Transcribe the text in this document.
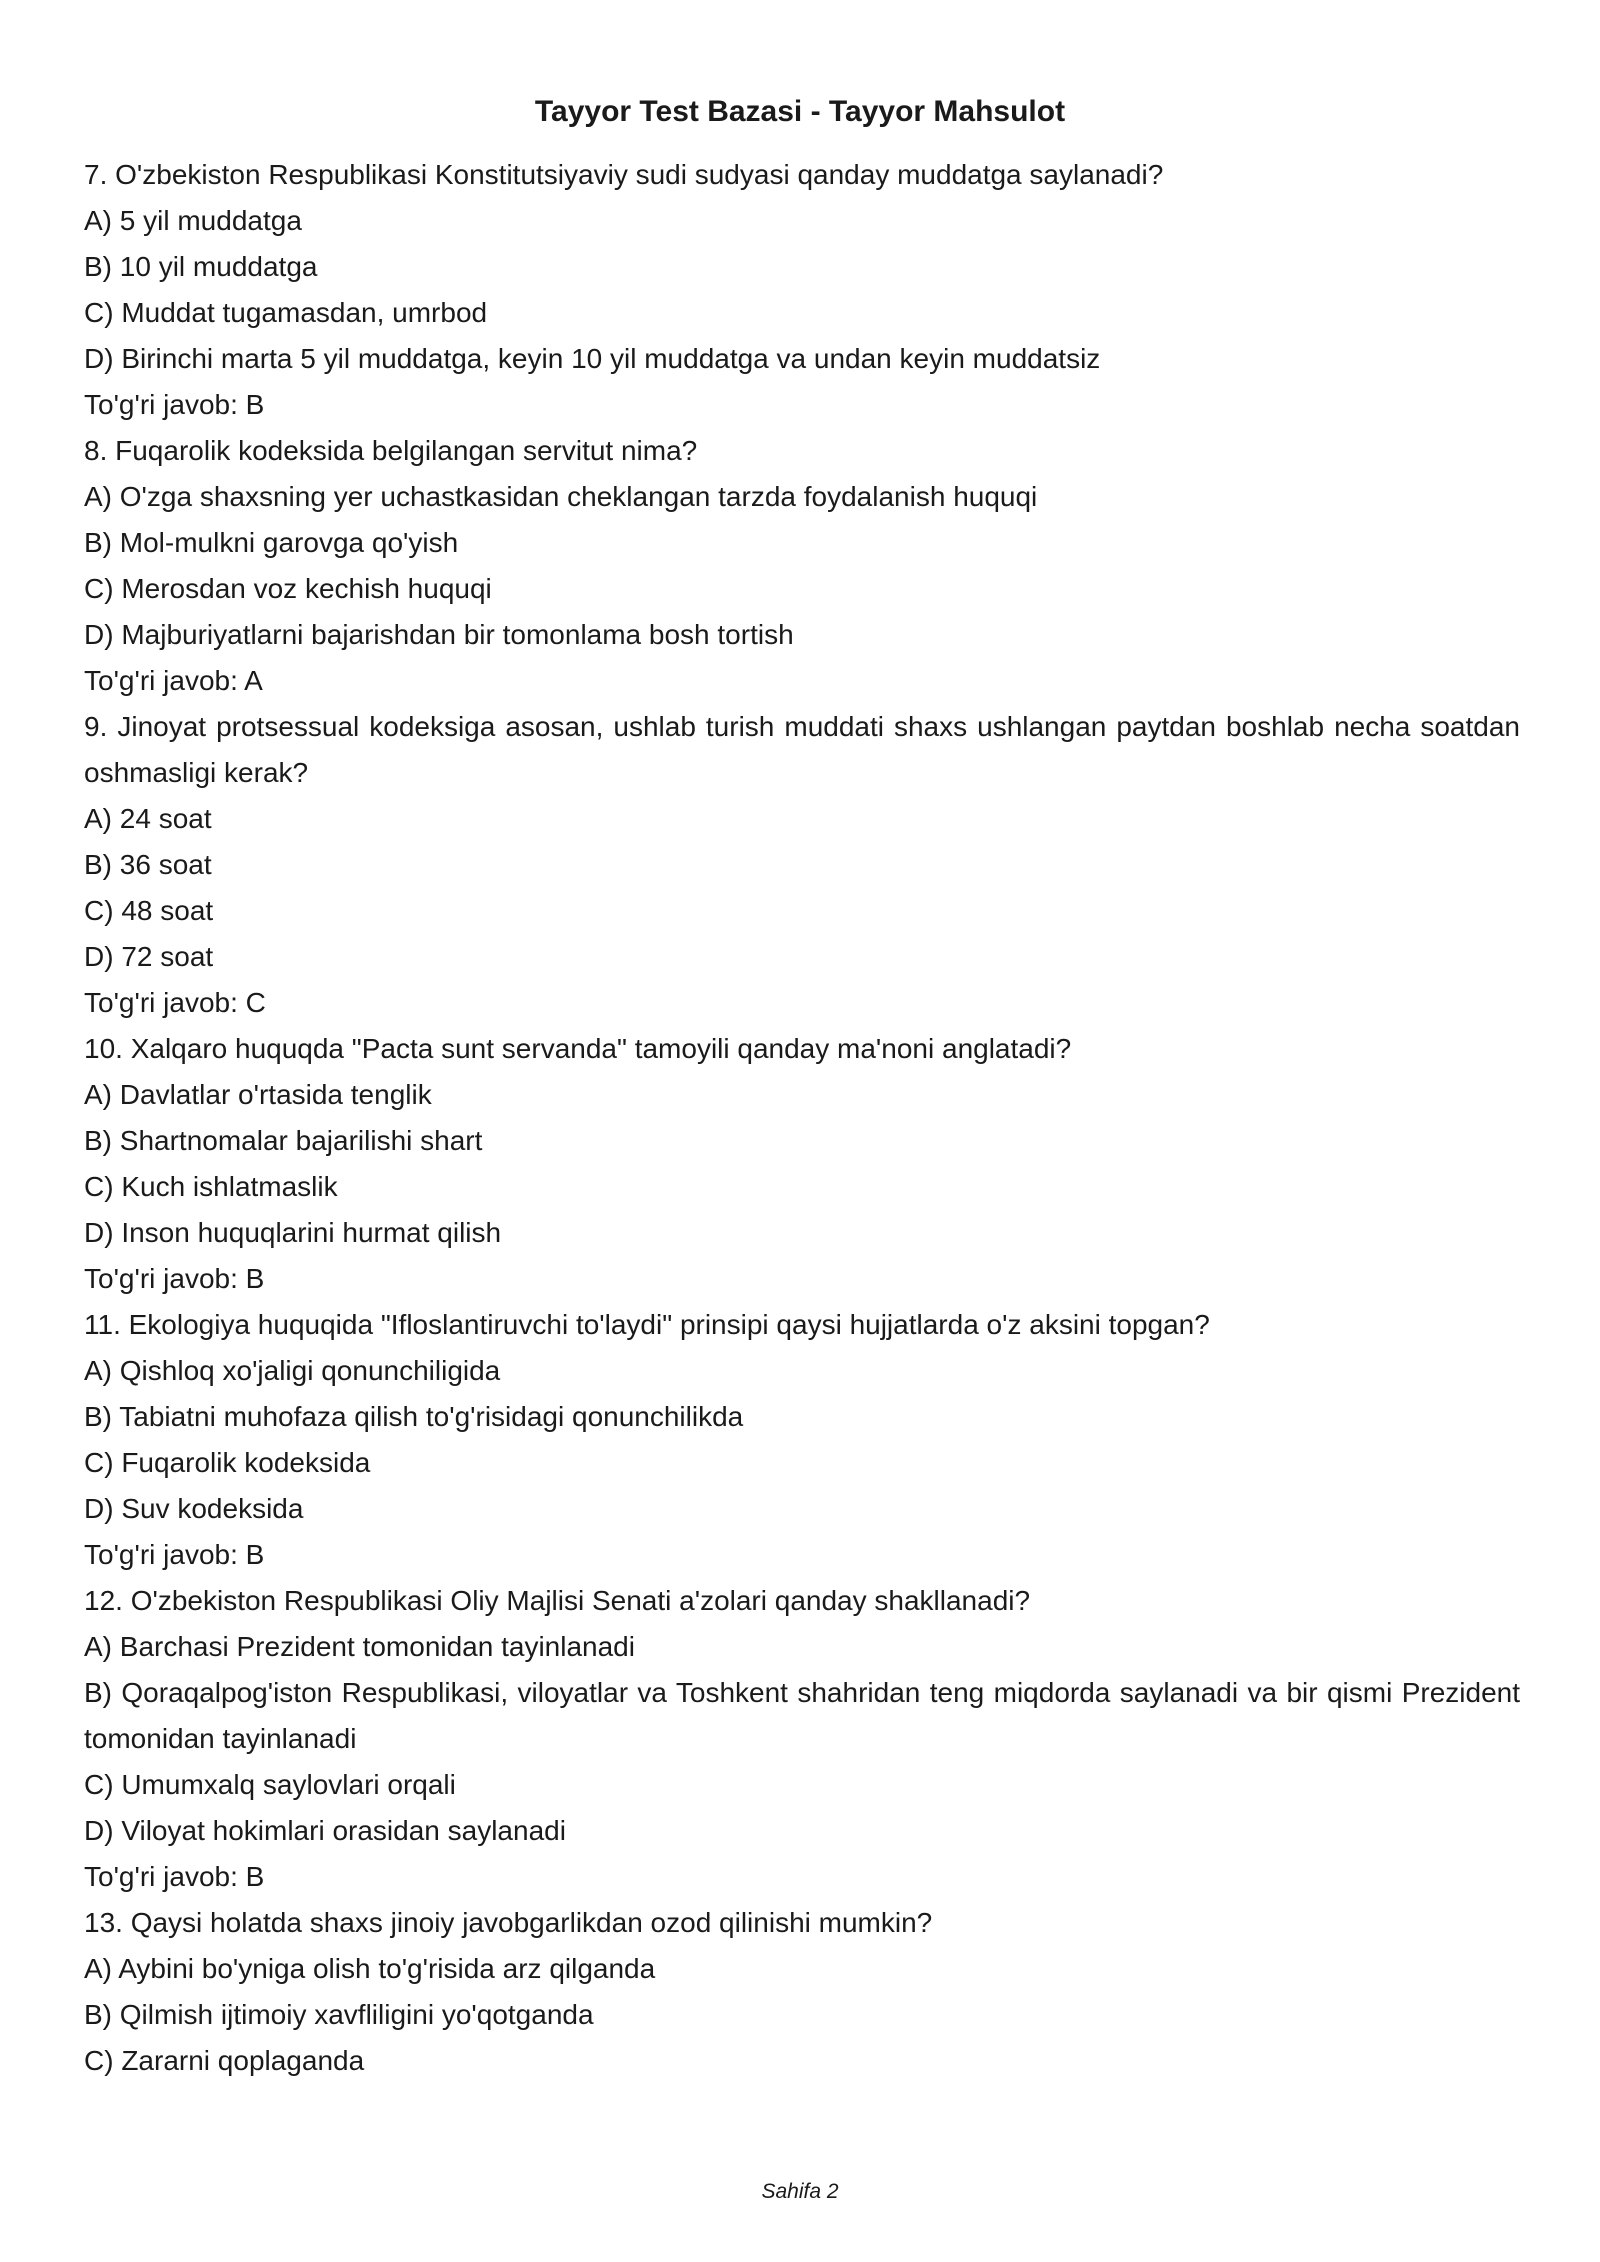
Tayyor Test Bazasi - Tayyor Mahsulot

7. O'zbekiston Respublikasi Konstitutsiyaviy sudi sudyasi qanday muddatga saylanadi?

A) 5 yil muddatga

B) 10 yil muddatga

C) Muddat tugamasdan, umrbod

D) Birinchi marta 5 yil muddatga, keyin 10 yil muddatga va undan keyin muddatsiz

To'g'ri javob: B

8. Fuqarolik kodeksida belgilangan servitut nima?

A) O'zga shaxsning yer uchastkasidan cheklangan tarzda foydalanish huquqi

B) Mol-mulkni garovga qo'yish

C) Merosdan voz kechish huquqi

D) Majburiyatlarni bajarishdan bir tomonlama bosh tortish

To'g'ri javob: A

9. Jinoyat protsessual kodeksiga asosan, ushlab turish muddati shaxs ushlangan paytdan boshlab necha soatdan oshmasligi kerak?

A) 24 soat

B) 36 soat

C) 48 soat

D) 72 soat

To'g'ri javob: C

10. Xalqaro huquqda "Pacta sunt servanda" tamoyili qanday ma'noni anglatadi?

A) Davlatlar o'rtasida tenglik

B) Shartnomalar bajarilishi shart

C) Kuch ishlatmaslik

D) Inson huquqlarini hurmat qilish

To'g'ri javob: B

11. Ekologiya huquqida "Ifloslantiruvchi to'laydi" prinsipi qaysi hujjatlarda o'z aksini topgan?

A) Qishloq xo'jaligi qonunchiligida

B) Tabiatni muhofaza qilish to'g'risidagi qonunchilikda

C) Fuqarolik kodeksida

D) Suv kodeksida

To'g'ri javob: B

12. O'zbekiston Respublikasi Oliy Majlisi Senati a'zolari qanday shakllanadi?

A) Barchasi Prezident tomonidan tayinlanadi

B) Qoraqalpog'iston Respublikasi, viloyatlar va Toshkent shahridan teng miqdorda saylanadi va bir qismi Prezident tomonidan tayinlanadi

C) Umumxalq saylovlari orqali

D) Viloyat hokimlari orasidan saylanadi

To'g'ri javob: B

13. Qaysi holatda shaxs jinoiy javobgarlikdan ozod qilinishi mumkin?

A) Aybini bo'yniga olish to'g'risida arz qilganda

B) Qilmish ijtimoiy xavfliligini yo'qotganda

C) Zararni qoplaganda

Sahifa 2
